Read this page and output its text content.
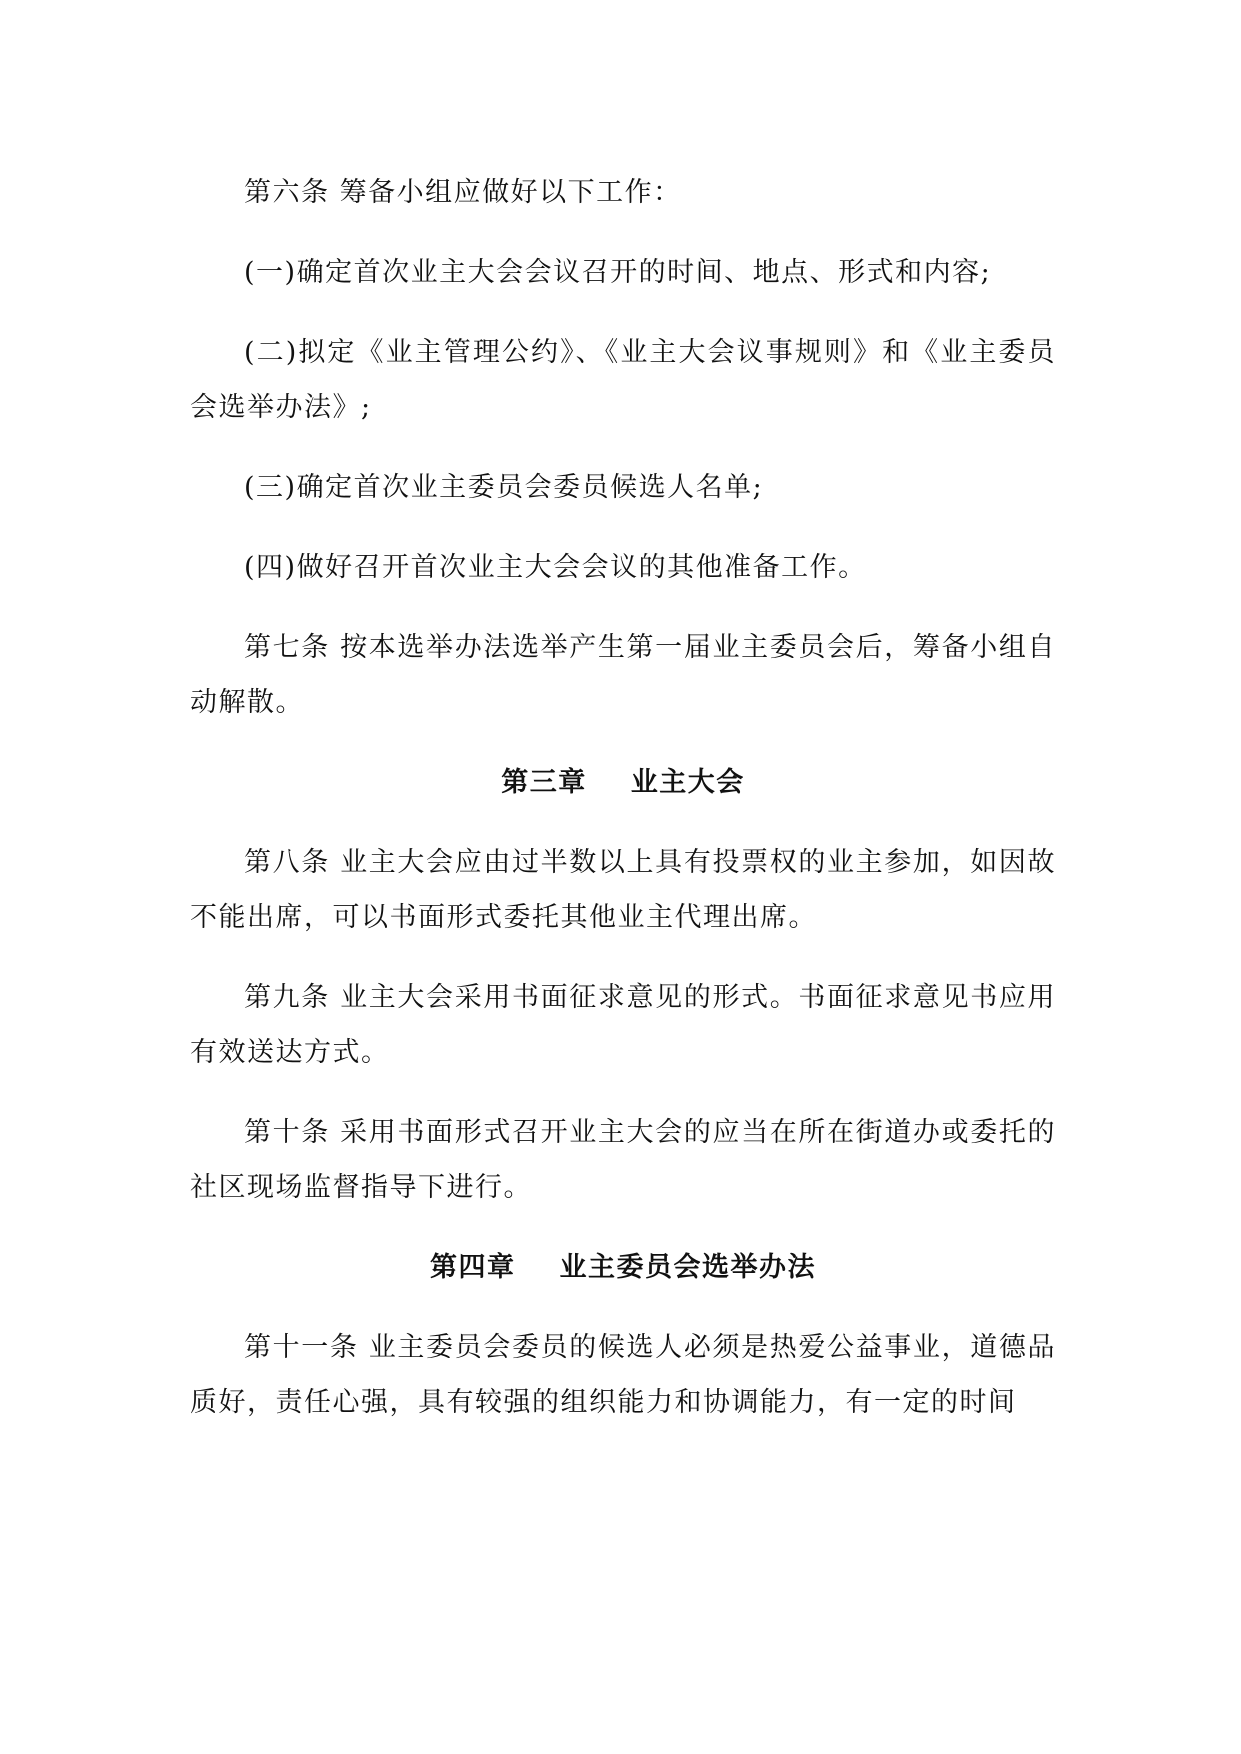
第六条 筹备小组应做好以下工作：

(一)确定首次业主大会会议召开的时间、地点、形式和内容;

(二)拟定《业主管理公约》、《业主大会议事规则》和《业主委员会选举办法》;

(三)确定首次业主委员会委员候选人名单;

(四)做好召开首次业主大会会议的其他准备工作。

第七条 按本选举办法选举产生第一届业主委员会后，筹备小组自动解散。

第三章 业主大会

第八条 业主大会应由过半数以上具有投票权的业主参加，如因故不能出席，可以书面形式委托其他业主代理出席。

第九条 业主大会采用书面征求意见的形式。书面征求意见书应用有效送达方式。

第十条 采用书面形式召开业主大会的应当在所在街道办或委托的社区现场监督指导下进行。

第四章 业主委员会选举办法

第十一条 业主委员会委员的候选人必须是热爱公益事业，道德品质好，责任心强，具有较强的组织能力和协调能力，有一定的时间
